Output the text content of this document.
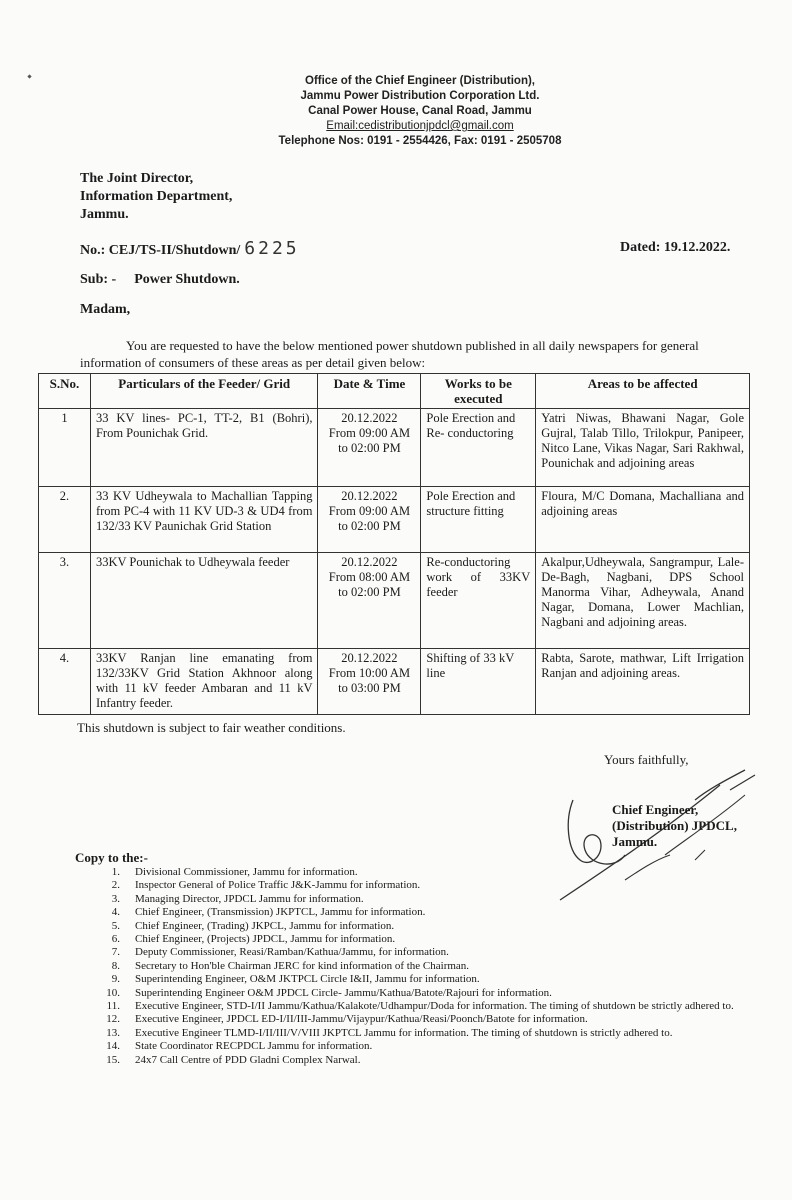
Office of the Chief Engineer (Distribution),
Jammu Power Distribution Corporation Ltd.
Canal Power House, Canal Road, Jammu
Email:cedistributionjpdcl@gmail.com
Telephone Nos: 0191 - 2554426, Fax: 0191 - 2505708
The Joint Director,
Information Department,
Jammu.
No.: CEJ/TS-II/Shutdown/ 6225	Dated: 19.12.2022.
Sub: - Power Shutdown.
Madam,
You are requested to have the below mentioned power shutdown published in all daily newspapers for general information of consumers of these areas as per detail given below:
S.No.	Particulars of the Feeder/ Grid	Date & Time	Works to be executed	Areas to be affected
1	33 KV lines- PC-1, TT-2, B1 (Bohri), From Pounichak Grid.	20.12.2022
From 09:00 AM
to 02:00 PM	Pole Erection and Re- conductoring	Yatri Niwas, Bhawani Nagar, Gole Gujral, Talab Tillo, Trilokpur, Panipeer, Nitco Lane, Vikas Nagar, Sari Rakhwal, Pounichak and adjoining areas
2.	33 KV Udheywala to Machallian Tapping from PC-4 with 11 KV UD-3 & UD4 from 132/33 KV Paunichak Grid Station	20.12.2022
From 09:00 AM
to 02:00 PM	Pole Erection and structure fitting	Floura, M/C Domana, Machalliana and adjoining areas
3.	33KV Pounichak to Udheywala feeder	20.12.2022
From 08:00 AM
to 02:00 PM	Re-conductoring work of 33KV feeder	Akalpur,Udheywala, Sangrampur, Lale-De-Bagh, Nagbani, DPS School Manorma Vihar, Adheywala, Anand Nagar, Domana, Lower Machlian, Nagbani and adjoining areas.
4.	33KV Ranjan line emanating from 132/33KV Grid Station Akhnoor along with 11 kV feeder Ambaran and 11 kV Infantry feeder.	20.12.2022
From 10:00 AM
to 03:00 PM	Shifting of 33 kV line	Rabta, Sarote, mathwar, Lift Irrigation Ranjan and adjoining areas.
This shutdown is subject to fair weather conditions.
Yours faithfully,
Chief Engineer,
(Distribution) JPDCL,
Jammu.
Copy to the:-
1. Divisional Commissioner, Jammu for information.
2. Inspector General of Police Traffic J&K-Jammu for information.
3. Managing Director, JPDCL Jammu for information.
4. Chief Engineer, (Transmission) JKPTCL, Jammu for information.
5. Chief Engineer, (Trading) JKPCL, Jammu for information.
6. Chief Engineer, (Projects) JPDCL, Jammu for information.
7. Deputy Commissioner, Reasi/Ramban/Kathua/Jammu, for information.
8. Secretary to Hon'ble Chairman JERC for kind information of the Chairman.
9. Superintending Engineer, O&M JKTPCL Circle I&II, Jammu for information.
10. Superintending Engineer O&M JPDCL Circle- Jammu/Kathua/Batote/Rajouri for information.
11. Executive Engineer, STD-I/II Jammu/Kathua/Kalakote/Udhampur/Doda for information. The timing of shutdown be strictly adhered to.
12. Executive Engineer, JPDCL ED-I/II/III-Jammu/Vijaypur/Kathua/Reasi/Poonch/Batote for information.
13. Executive Engineer TLMD-I/II/III/V/VIII JKPTCL Jammu for information. The timing of shutdown is strictly adhered to.
14. State Coordinator RECPDCL Jammu for information.
15. 24x7 Call Centre of PDD Gladni Complex Narwal.
